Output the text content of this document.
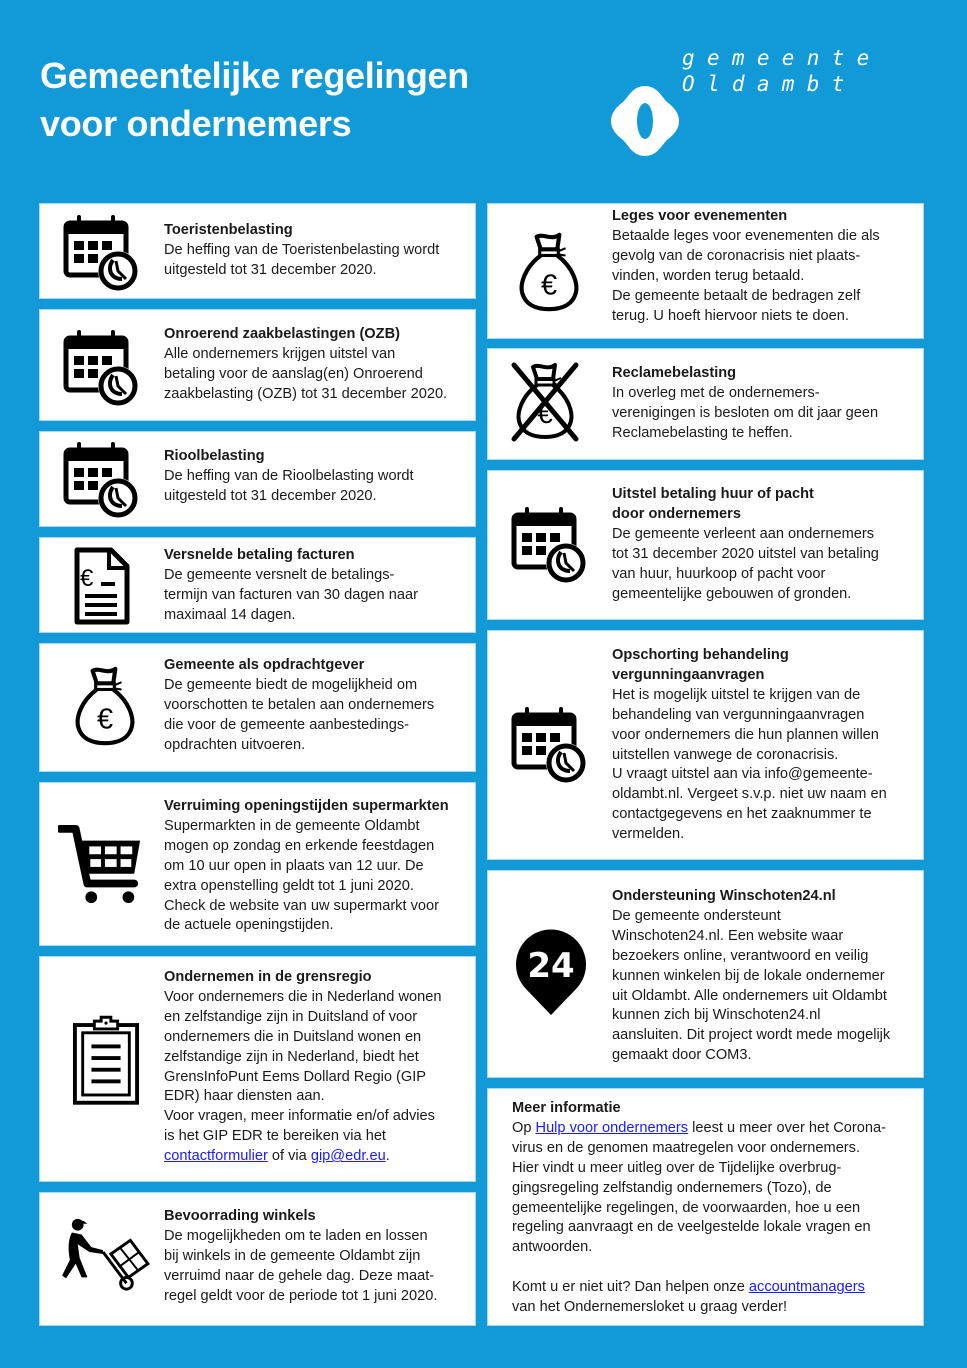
Gemeentelijke regelingen
voor ondernemers
gemeente
Oldambt
Toeristenbelasting
De heffing van de Toeristenbelasting wordt
uitgesteld tot 31 december 2020.
Onroerend zaakbelastingen (OZB)
Alle ondernemers krijgen uitstel van
betaling voor de aanslag(en) Onroerend
zaakbelasting (OZB) tot 31 december 2020.
Rioolbelasting
De heffing van de Rioolbelasting wordt
uitgesteld tot 31 december 2020.
€
Versnelde betaling facturen
De gemeente versnelt de betalings-
termijn van facturen van 30 dagen naar
maximaal 14 dagen.
Gemeente als opdrachtgever
De gemeente biedt de mogelijkheid om
voorschotten te betalen aan ondernemers
die voor de gemeente aanbestedings-
opdrachten uitvoeren.
Verruiming openingstijden supermarkten
Supermarkten in de gemeente Oldambt
mogen op zondag en erkende feestdagen
om 10 uur open in plaats van 12 uur. De
extra openstelling geldt tot 1 juni 2020.
Check de website van uw supermarkt voor
de actuele openingstijden.
Ondernemen in de grensregio
Voor ondernemers die in Nederland wonen
en zelfstandige zijn in Duitsland of voor
ondernemers die in Duitsland wonen en
zelfstandige zijn in Nederland, biedt het
GrensInfoPunt Eems Dollard Regio (GIP
EDR) haar diensten aan.
Voor vragen, meer informatie en/of advies
is het GIP EDR te bereiken via het
contactformulier of via gip@edr.eu.
Bevoorrading winkels
De mogelijkheden om te laden en lossen
bij winkels in de gemeente Oldambt zijn
verruimd naar de gehele dag. Deze maat-
regel geldt voor de periode tot 1 juni 2020.
Leges voor evenementen
Betaalde leges voor evenementen die als
gevolg van de coronacrisis niet plaats-
vinden, worden terug betaald.
De gemeente betaalt de bedragen zelf
terug. U hoeft hiervoor niets te doen.
Reclamebelasting
In overleg met de ondernemers-
verenigingen is besloten om dit jaar geen
Reclamebelasting te heffen.
Uitstel betaling huur of pacht
door ondernemers
De gemeente verleent aan ondernemers
tot 31 december 2020 uitstel van betaling
van huur, huurkoop of pacht voor
gemeentelijke gebouwen of gronden.
Opschorting behandeling
vergunningaanvragen
Het is mogelijk uitstel te krijgen van de
behandeling van vergunningaanvragen
voor ondernemers die hun plannen willen
uitstellen vanwege de coronacrisis.
U vraagt uitstel aan via info@gemeente-
oldambt.nl. Vergeet s.v.p. niet uw naam en
contactgegevens en het zaaknummer te
vermelden.
24
Ondersteuning Winschoten24.nl
De gemeente ondersteunt
Winschoten24.nl. Een website waar
bezoekers online, verantwoord en veilig
kunnen winkelen bij de lokale ondernemer
uit Oldambt. Alle ondernemers uit Oldambt
kunnen zich bij Winschoten24.nl
aansluiten. Dit project wordt mede mogelijk
gemaakt door COM3.
Meer informatie
Op Hulp voor ondernemers leest u meer over het Corona-
virus en de genomen maatregelen voor ondernemers.
Hier vindt u meer uitleg over de Tijdelijke overbrug-
gingsregeling zelfstandig ondernemers (Tozo), de
gemeentelijke regelingen, de voorwaarden, hoe u een
regeling aanvraagt en de veelgestelde lokale vragen en
antwoorden.
Komt u er niet uit? Dan helpen onze accountmanagers
van het Ondernemersloket u graag verder!
